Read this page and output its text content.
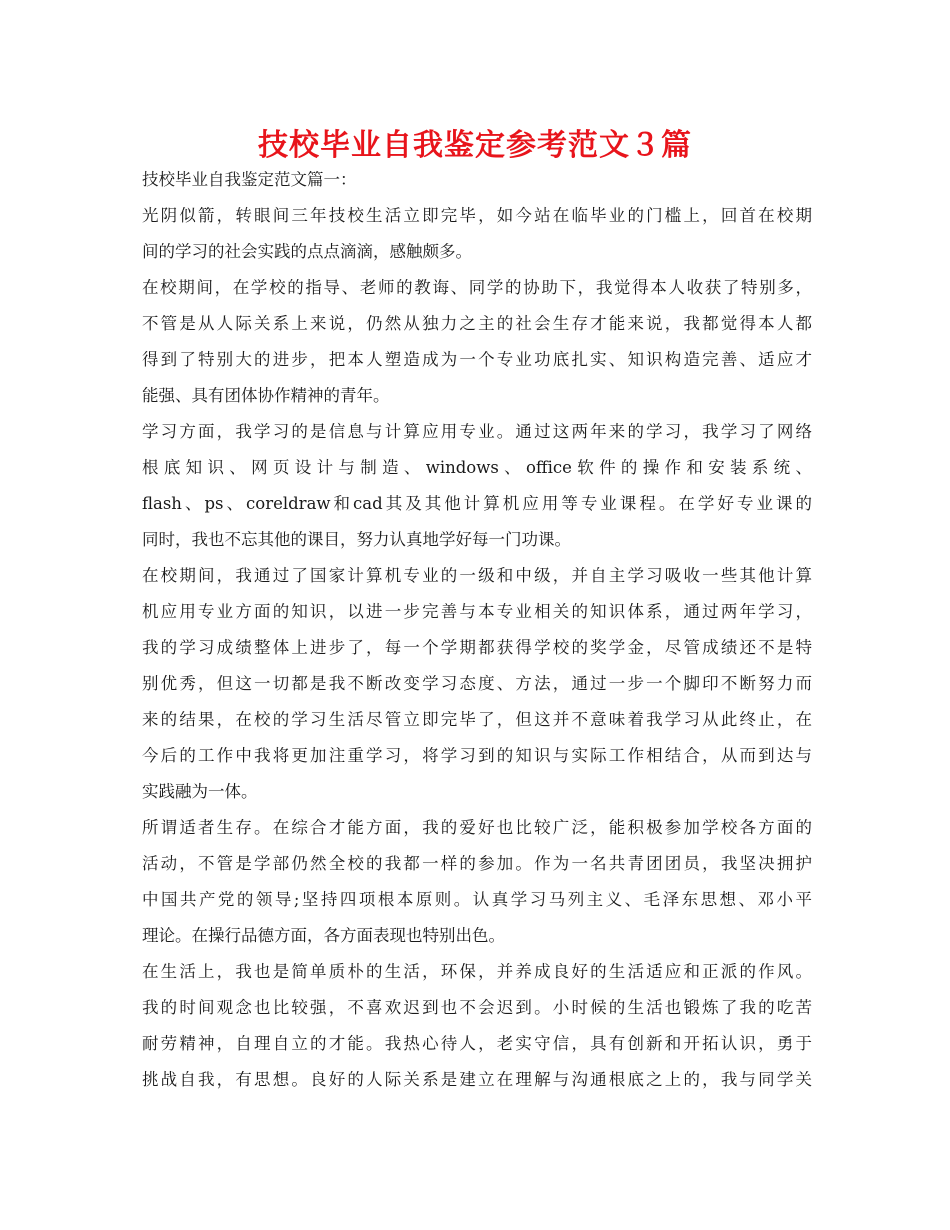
技校毕业自我鉴定参考范文３篇
技校毕业自我鉴定范文篇一：
光阴似箭，转眼间三年技校生活立即完毕，如今站在临毕业的门槛上，回首在校期
间的学习的社会实践的点点滴滴，感触颇多。
在校期间，在学校的指导、老师的教诲、同学的协助下，我觉得本人收获了特别多，
不管是从人际关系上来说，仍然从独力之主的社会生存才能来说，我都觉得本人都
得到了特别大的进步，把本人塑造成为一个专业功底扎实、知识构造完善、适应才
能强、具有团体协作精神的青年。
学习方面，我学习的是信息与计算应用专业。通过这两年来的学习，我学习了网络
根底知识、网页设计与制造、windows、office软件的操作和安装系统、
flash、ps、coreldraw和cad其及其他计算机应用等专业课程。在学好专业课的
同时，我也不忘其他的课目，努力认真地学好每一门功课。
在校期间，我通过了国家计算机专业的一级和中级，并自主学习吸收一些其他计算
机应用专业方面的知识，以进一步完善与本专业相关的知识体系，通过两年学习，
我的学习成绩整体上进步了，每一个学期都获得学校的奖学金，尽管成绩还不是特
别优秀，但这一切都是我不断改变学习态度、方法，通过一步一个脚印不断努力而
来的结果，在校的学习生活尽管立即完毕了，但这并不意味着我学习从此终止，在
今后的工作中我将更加注重学习，将学习到的知识与实际工作相结合，从而到达与
实践融为一体。
所谓适者生存。在综合才能方面，我的爱好也比较广泛，能积极参加学校各方面的
活动，不管是学部仍然全校的我都一样的参加。作为一名共青团团员，我坚决拥护
中国共产党的领导;坚持四项根本原则。认真学习马列主义、毛泽东思想、邓小平
理论。在操行品德方面，各方面表现也特别出色。
在生活上，我也是简单质朴的生活，环保，并养成良好的生活适应和正派的作风。
我的时间观念也比较强，不喜欢迟到也不会迟到。小时候的生活也锻炼了我的吃苦
耐劳精神，自理自立的才能。我热心待人，老实守信，具有创新和开拓认识，勇于
挑战自我，有思想。良好的人际关系是建立在理解与沟通根底之上的，我与同学关
